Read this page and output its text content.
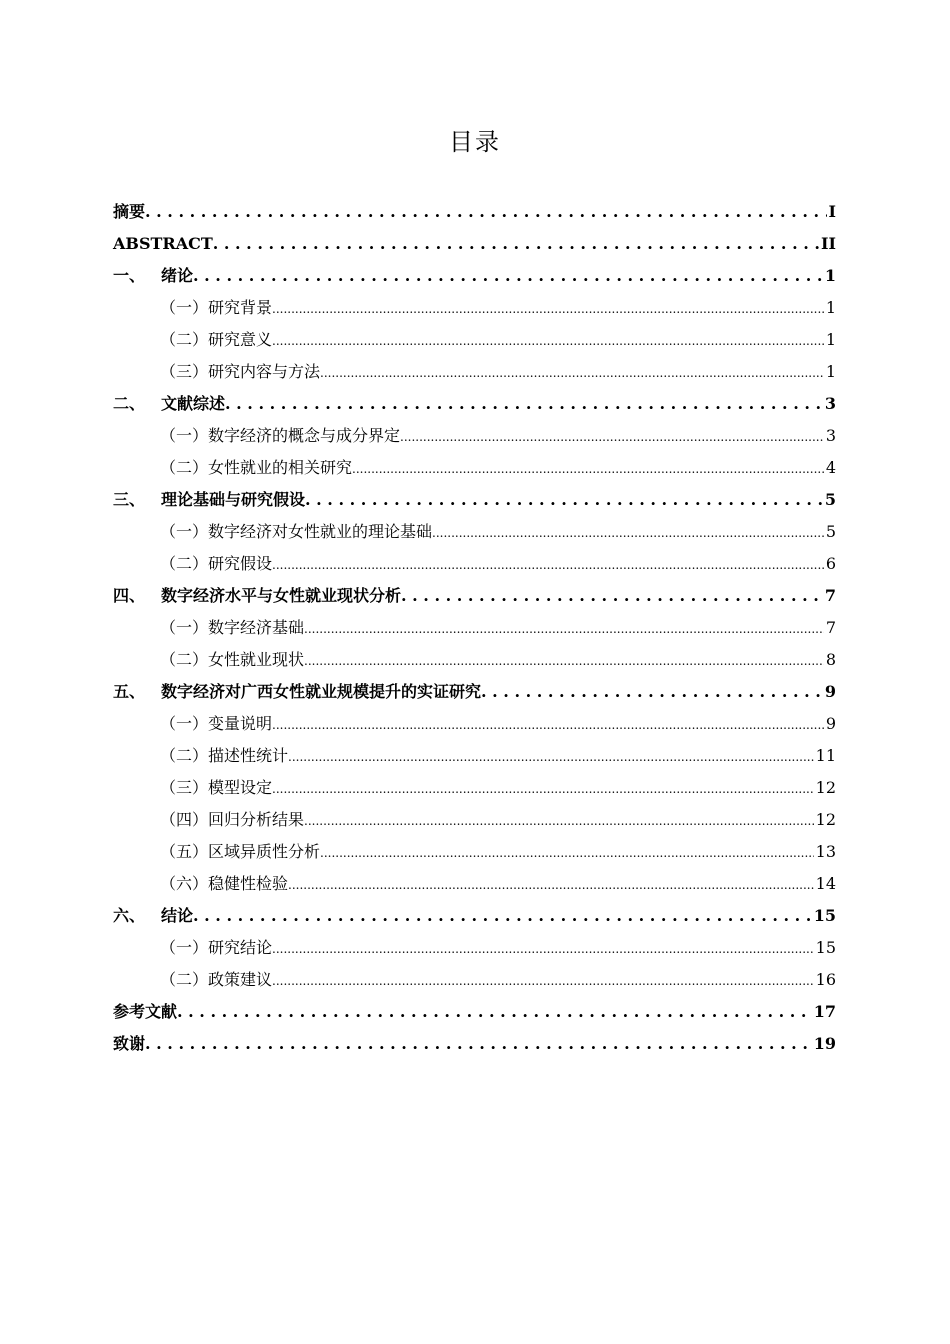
目录
摘要 . . .	I
ABSTRACT . . .	II
一、 绪论 . . .	1
（一）研究背景 .....	1
（二）研究意义 .....	1
（三）研究内容与方法 .....	1
二、 文献综述 . . .	3
（一）数字经济的概念与成分界定 .....	3
（二）女性就业的相关研究 .....	4
三、 理论基础与研究假设 . . .	5
（一）数字经济对女性就业的理论基础 .....	5
（二）研究假设 .....	6
四、 数字经济水平与女性就业现状分析 . . .	7
（一）数字经济基础 .....	7
（二）女性就业现状 .....	8
五、 数字经济对广西女性就业规模提升的实证研究 . . .	9
（一）变量说明 .....	9
（二）描述性统计 .....	11
（三）模型设定 .....	12
（四）回归分析结果 .....	12
（五）区域异质性分析 .....	13
（六）稳健性检验 .....	14
六、 结论 . . .	15
（一）研究结论 .....	15
（二）政策建议 .....	16
参考文献 . . .	17
致谢 . . .	19
